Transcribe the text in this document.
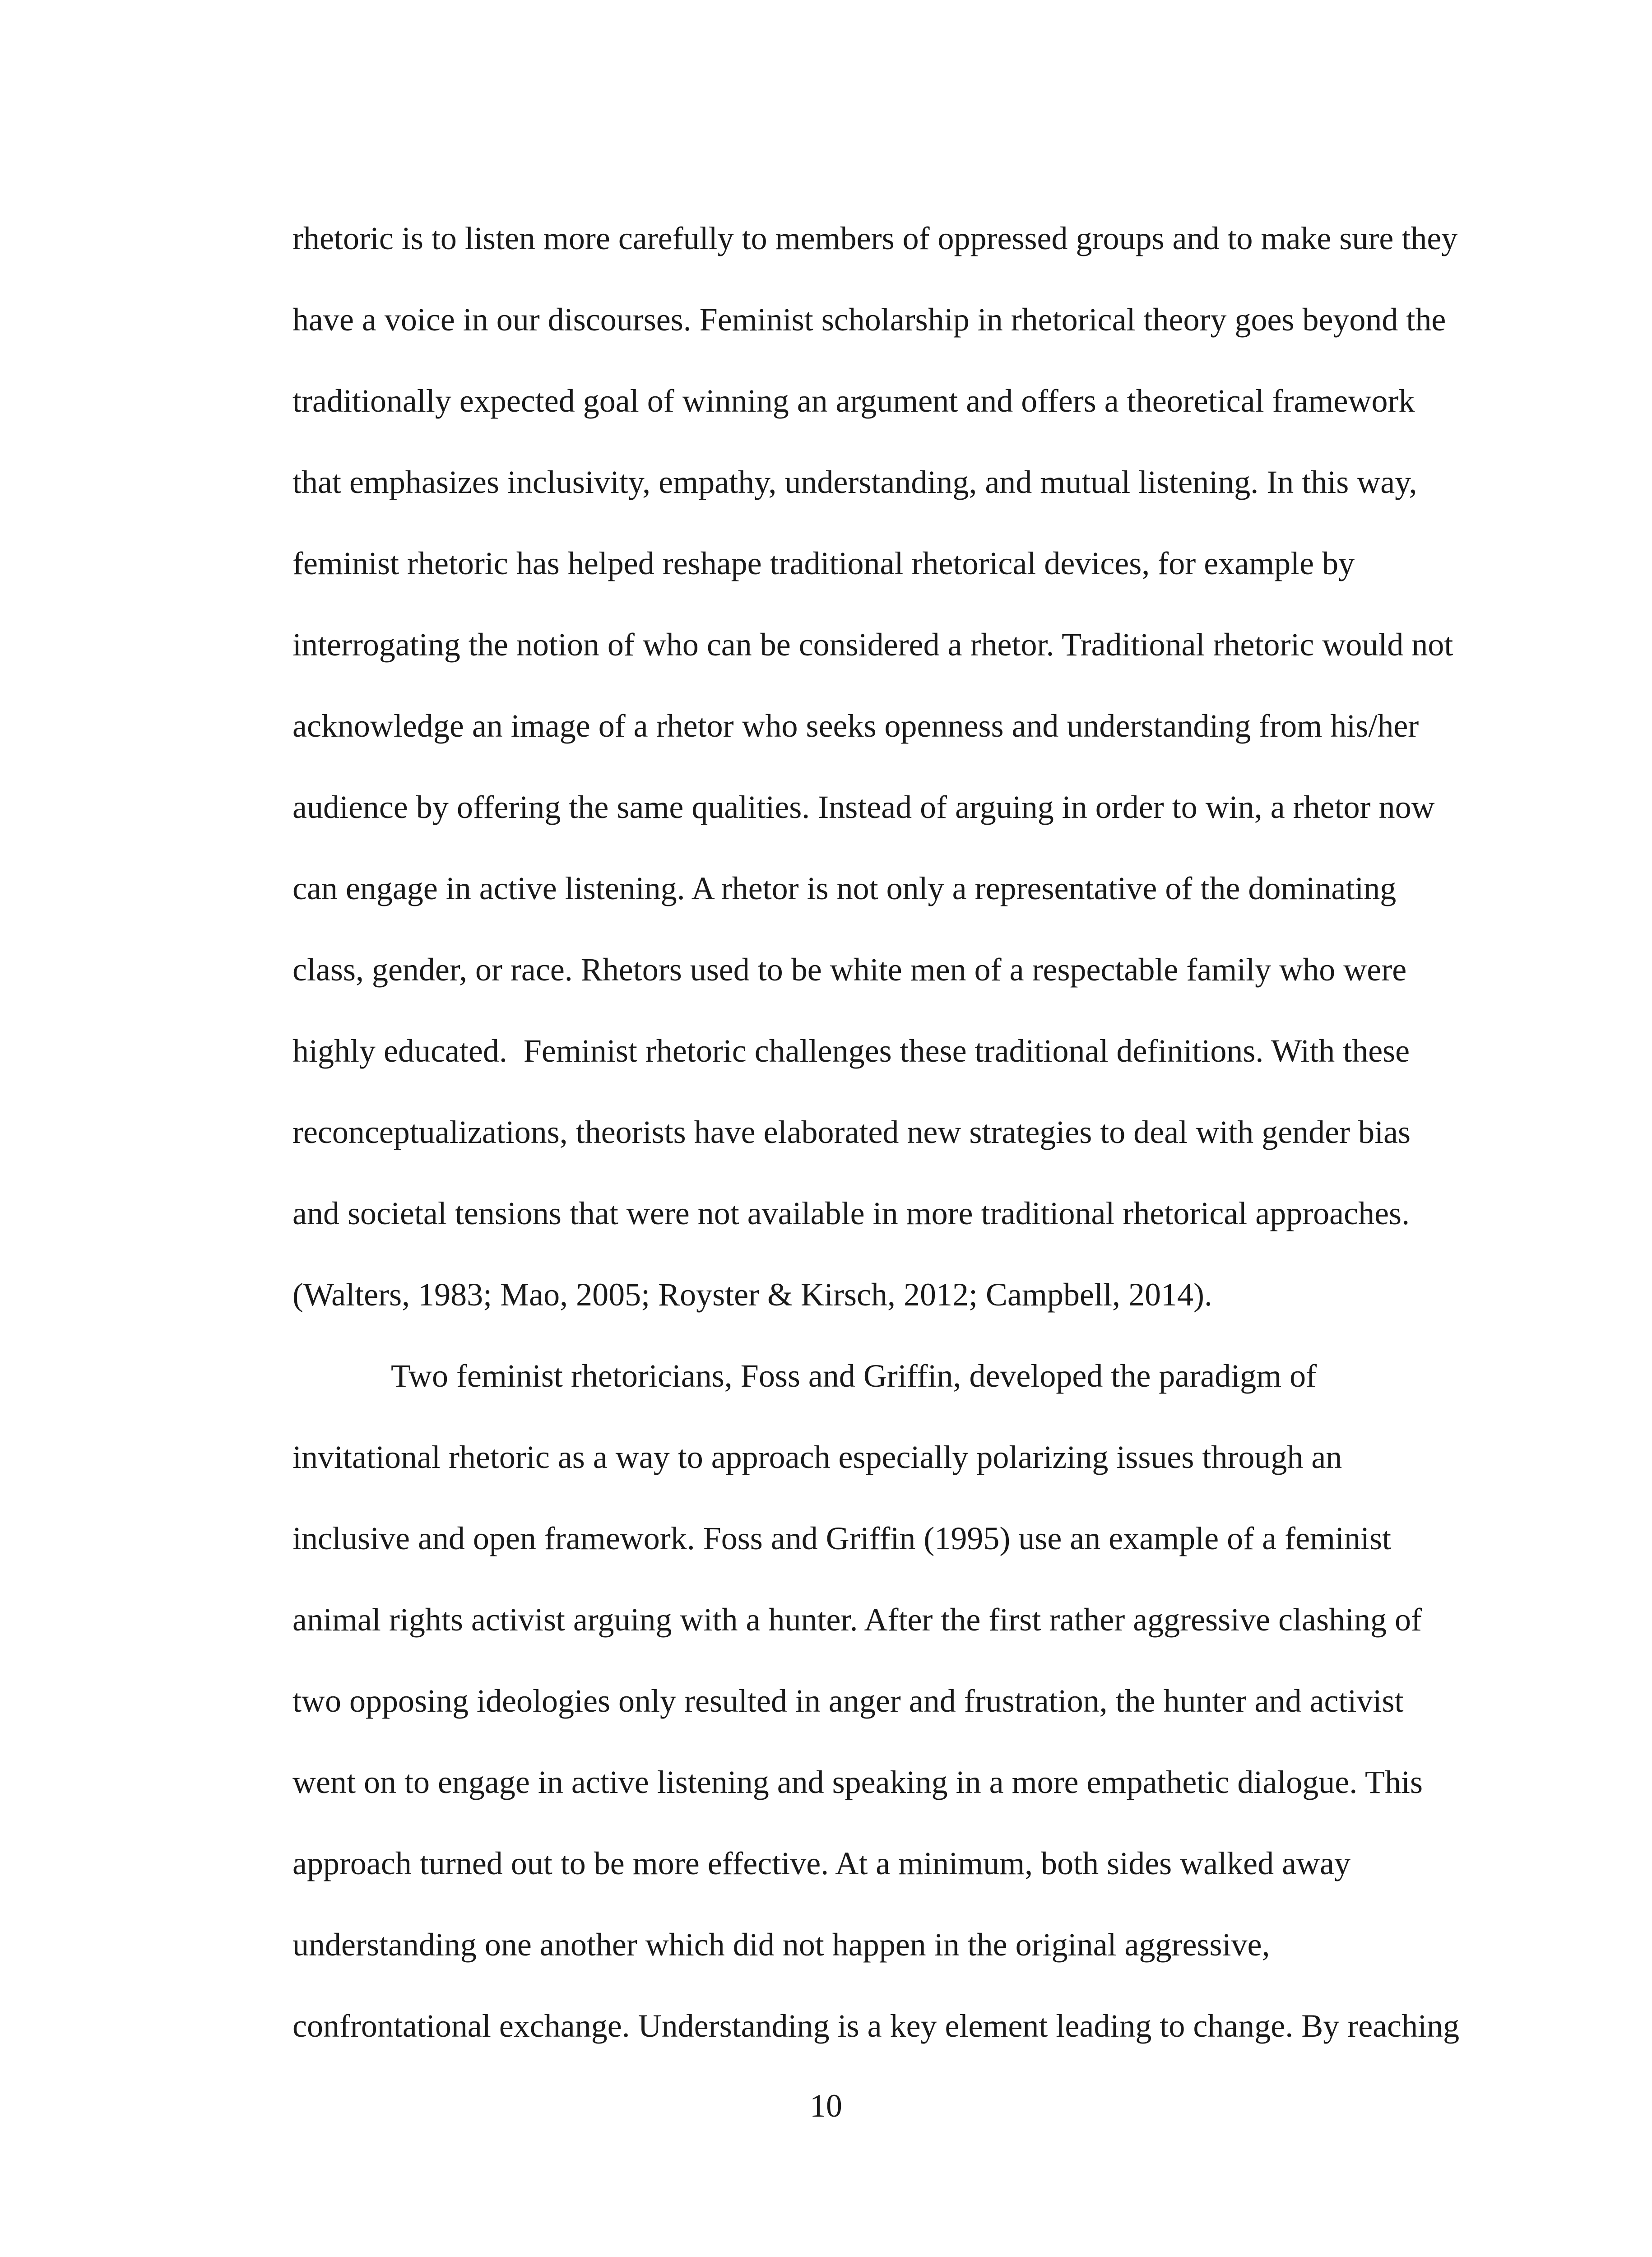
rhetoric is to listen more carefully to members of oppressed groups and to make sure they
have a voice in our discourses. Feminist scholarship in rhetorical theory goes beyond the
traditionally expected goal of winning an argument and offers a theoretical framework
that emphasizes inclusivity, empathy, understanding, and mutual listening. In this way,
feminist rhetoric has helped reshape traditional rhetorical devices, for example by
interrogating the notion of who can be considered a rhetor. Traditional rhetoric would not
acknowledge an image of a rhetor who seeks openness and understanding from his/her
audience by offering the same qualities. Instead of arguing in order to win, a rhetor now
can engage in active listening. A rhetor is not only a representative of the dominating
class, gender, or race. Rhetors used to be white men of a respectable family who were
highly educated.  Feminist rhetoric challenges these traditional definitions. With these
reconceptualizations, theorists have elaborated new strategies to deal with gender bias
and societal tensions that were not available in more traditional rhetorical approaches.
(Walters, 1983; Mao, 2005; Royster & Kirsch, 2012; Campbell, 2014).
Two feminist rhetoricians, Foss and Griffin, developed the paradigm of
invitational rhetoric as a way to approach especially polarizing issues through an
inclusive and open framework. Foss and Griffin (1995) use an example of a feminist
animal rights activist arguing with a hunter. After the first rather aggressive clashing of
two opposing ideologies only resulted in anger and frustration, the hunter and activist
went on to engage in active listening and speaking in a more empathetic dialogue. This
approach turned out to be more effective. At a minimum, both sides walked away
understanding one another which did not happen in the original aggressive,
confrontational exchange. Understanding is a key element leading to change. By reaching
10
